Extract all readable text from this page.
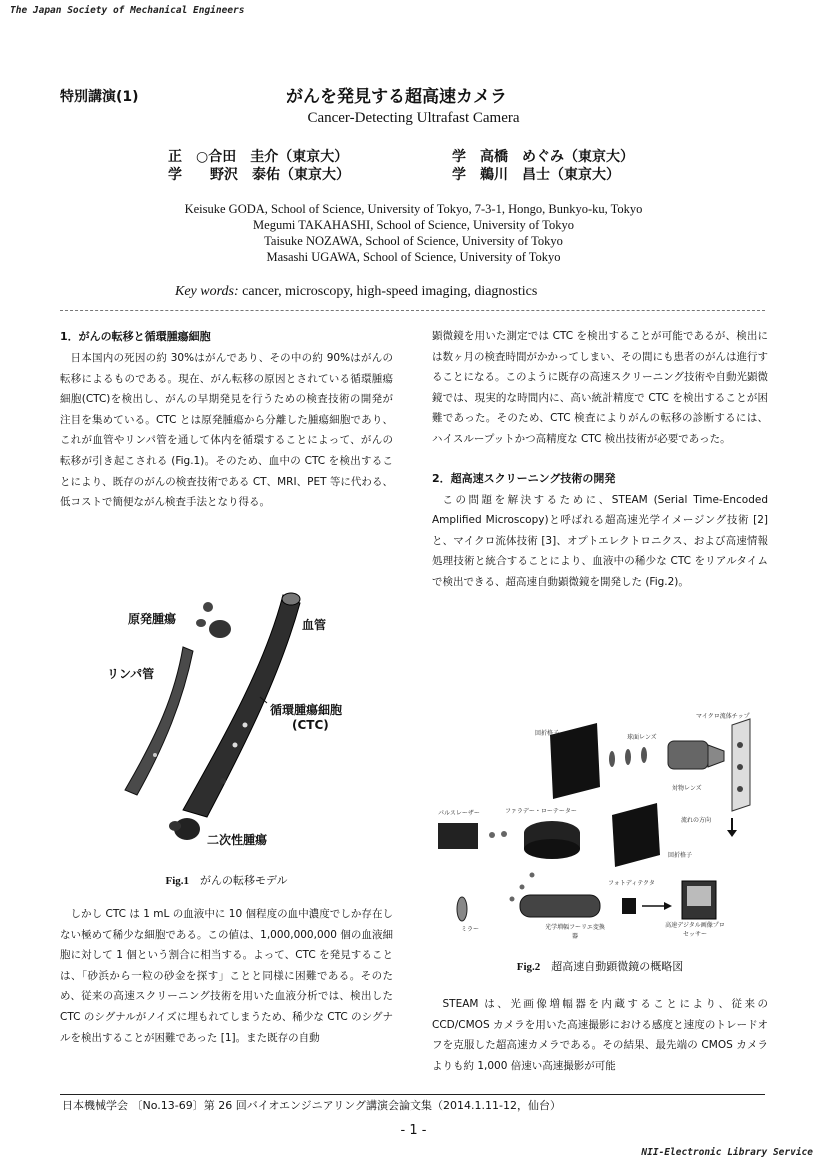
The Japan Society of Mechanical Engineers
特別講演(1)	がんを発見する超高速カメラ
Cancer-Detecting Ultrafast Camera
正　○合田　圭介（東京大）
学　　野沢　泰佑（東京大）
学　高橋　めぐみ（東京大）
学　鵜川　昌士（東京大）
Keisuke GODA, School of Science, University of Tokyo, 7-3-1, Hongo, Bunkyo-ku, Tokyo
Megumi TAKAHASHI, School of Science, University of Tokyo
Taisuke NOZAWA, School of Science, University of Tokyo
Masashi UGAWA, School of Science, University of Tokyo
Key words: cancer, microscopy, high-speed imaging, diagnostics
1．がんの転移と循環腫瘍細胞

日本国内の死因の約 30%はがんであり、その中の約 90%はがんの転移によるものである。現在、がん転移の原因とされている循環腫瘍細胞(CTC)を検出し、がんの早期発見を行うための検査技術の開発が注目を集めている。CTC とは原発腫瘍から分離した腫瘍細胞であり、これが血管やリンパ管を通して体内を循環することによって、がんの転移が引き起こされる (Fig.1)。そのため、血中の CTC を検出することにより、既存のがんの検査技術である CT、MRI、PET 等に代わる、低コストで簡便ながん検査手法となり得る。

原発腫瘍	血管
リンパ管
循環腫瘍細胞
(CTC)
二次性腫瘍
Fig.1　がんの転移モデル

しかし CTC は 1 mL の血液中に 10 個程度の血中濃度でしか存在しない極めて稀少な細胞である。この値は、1,000,000,000 個の血液細胞に対して 1 個という割合に相当する。よって、CTC を発見することは、「砂浜から一粒の砂金を探す」ことと同様に困難である。そのため、従来の高速スクリーニング技術を用いた血液分析では、検出した CTC のシグナルがノイズに埋もれてしまうため、稀少な CTC のシグナルを検出することが困難であった [1]。また既存の自動

顕微鏡を用いた測定では CTC を検出することが可能であるが、検出には数ヶ月の検査時間がかかってしまい、その間にも患者のがんは進行することになる。このように既存の高速スクリーニング技術や自動光顕微鏡では、現実的な時間内に、高い統計精度で CTC を検出することが困難であった。そのため、CTC 検査によりがんの転移の診断するには、ハイスループットかつ高精度な CTC 検出技術が必要であった。

2．超高速スクリーニング技術の開発

この問題を解決するために、STEAM (Serial Time-Encoded Amplified Microscopy)と呼ばれる超高速光学イメージング技術 [2]と、マイクロ流体技術 [3]、オプトエレクトロニクス、および高速情報処理技術と統合することにより、血液中の稀少な CTC をリアルタイムで検出できる、超高速自動顕微鏡を開発した (Fig.2)。

回折格子
球面レンズ
マイクロ流体チップ
対物レンズ
パルスレーザー	ファラデー・ローテーター
流れの方向
回折格子
フォトディテクタ
ミラー	光学増幅フーリエ変換器
高速デジタル画像プロセッサー
Fig.2　超高速自動顕微鏡の概略図

STEAM は、光画像増幅器を内蔵することにより、従来の CCD/CMOS カメラを用いた高速撮影における感度と速度のトレードオフを克服した超高速カメラである。その結果、最先端の CMOS カメラよりも約 1,000 倍速い高速撮影が可能

日本機械学会 〔No.13-69〕第 26 回バイオエンジニアリング講演会論文集（2014.1.11-12，仙台）
- 1 -
NII-Electronic Library Service
